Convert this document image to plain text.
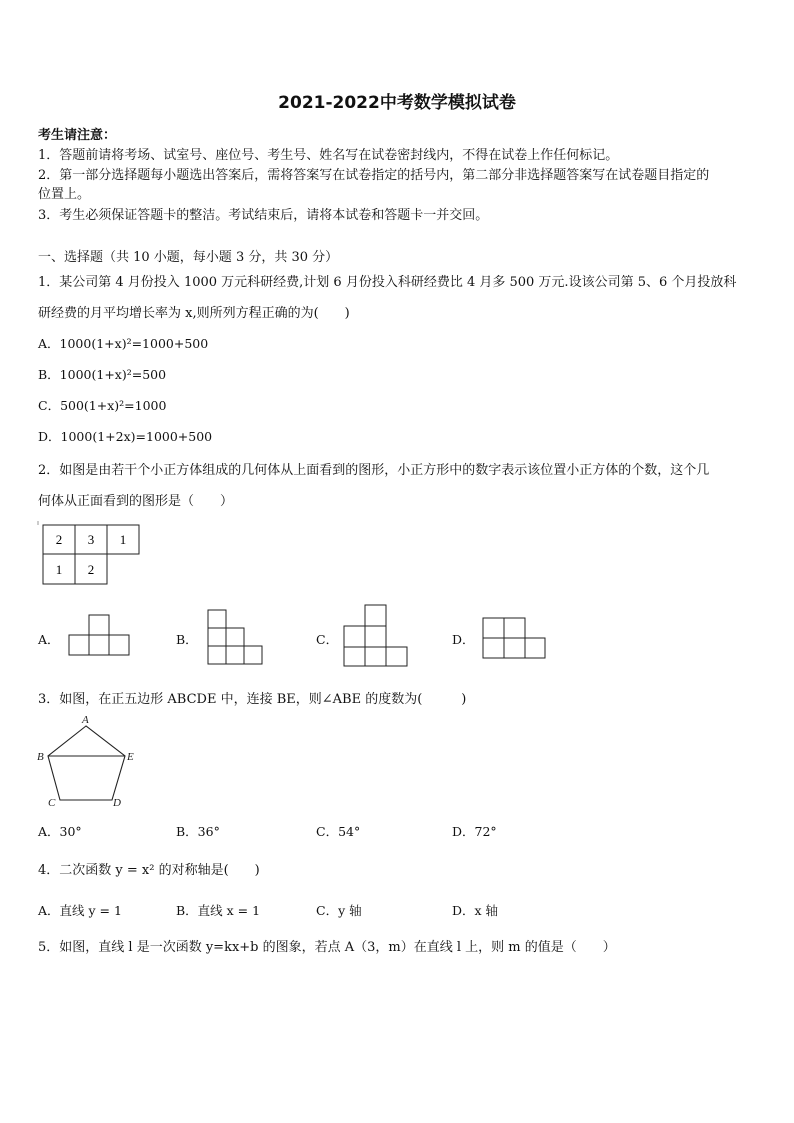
2021-2022中考数学模拟试卷
考生请注意：
1．答题前请将考场、试室号、座位号、考生号、姓名写在试卷密封线内，不得在试卷上作任何标记。
2．第一部分选择题每小题选出答案后，需将答案写在试卷指定的括号内，第二部分非选择题答案写在试卷题目指定的
位置上。
3．考生必须保证答题卡的整洁。考试结束后，请将本试卷和答题卡一并交回。
一、选择题（共 10 小题，每小题 3 分，共 30 分）
1．某公司第 4 月份投入 1000 万元科研经费,计划 6 月份投入科研经费比 4 月多 500 万元.设该公司第 5、6 个月投放科
研经费的月平均增长率为 x,则所列方程正确的为(　　)
A．1000(1+x)²=1000+500
B．1000(1+x)²=500
C．500(1+x)²=1000
D．1000(1+2x)=1000+500
2．如图是由若干个小正方体组成的几何体从上面看到的图形，小正方形中的数字表示该位置小正方体的个数，这个几
何体从正面看到的图形是（　　）
2 3 1
1 2
A．	B．	C．	D．
3．如图，在正五边形 ABCDE 中，连接 BE，则∠ABE 的度数为(　　　)
A
B	E
C	D
A．30°	B．36°	C．54°	D．72°
4．二次函数 y = x² 的对称轴是(　　)
A．直线 y = 1	B．直线 x = 1	C．y 轴	D．x 轴
5．如图，直线 l 是一次函数 y=kx+b 的图象，若点 A（3，m）在直线 l 上，则 m 的值是（　　）
